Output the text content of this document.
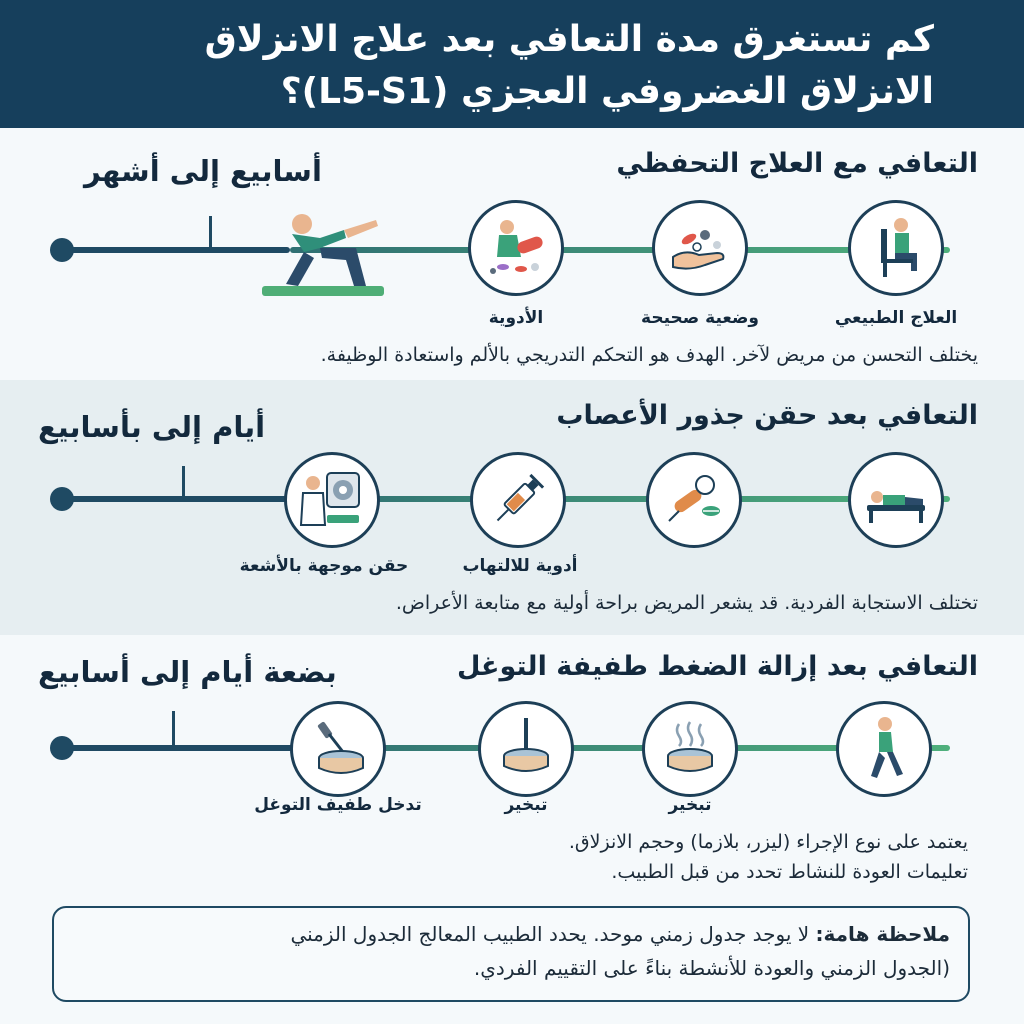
كم تستغرق مدة التعافي بعد علاج الانزلاق
الانزلاق الغضروفي العجزي (L5-S1)؟
التعافي مع العلاج التحفظي
أسابيع إلى أشهر
العلاج الطبيعي
وضعية صحيحة
الأدوية
يختلف التحسن من مريض لآخر. الهدف هو التحكم التدريجي بالألم واستعادة الوظيفة.
التعافي بعد حقن جذور الأعصاب
أيام إلى بأسابيع
أدوية للالتهاب
حقن موجهة بالأشعة
تختلف الاستجابة الفردية. قد يشعر المريض براحة أولية مع متابعة الأعراض.
التعافي بعد إزالة الضغط طفيفة التوغل
بضعة أيام إلى أسابيع
تبخير
تبخير
تدخل طفيف التوغل
يعتمد على نوع الإجراء (ليزر، بلازما) وحجم الانزلاق.
تعليمات العودة للنشاط تحدد من قبل الطبيب.
ملاحظة هامة: لا يوجد جدول زمني موحد. يحدد الطبيب المعالج الجدول الزمني
(الجدول الزمني والعودة للأنشطة بناءً على التقييم الفردي.
